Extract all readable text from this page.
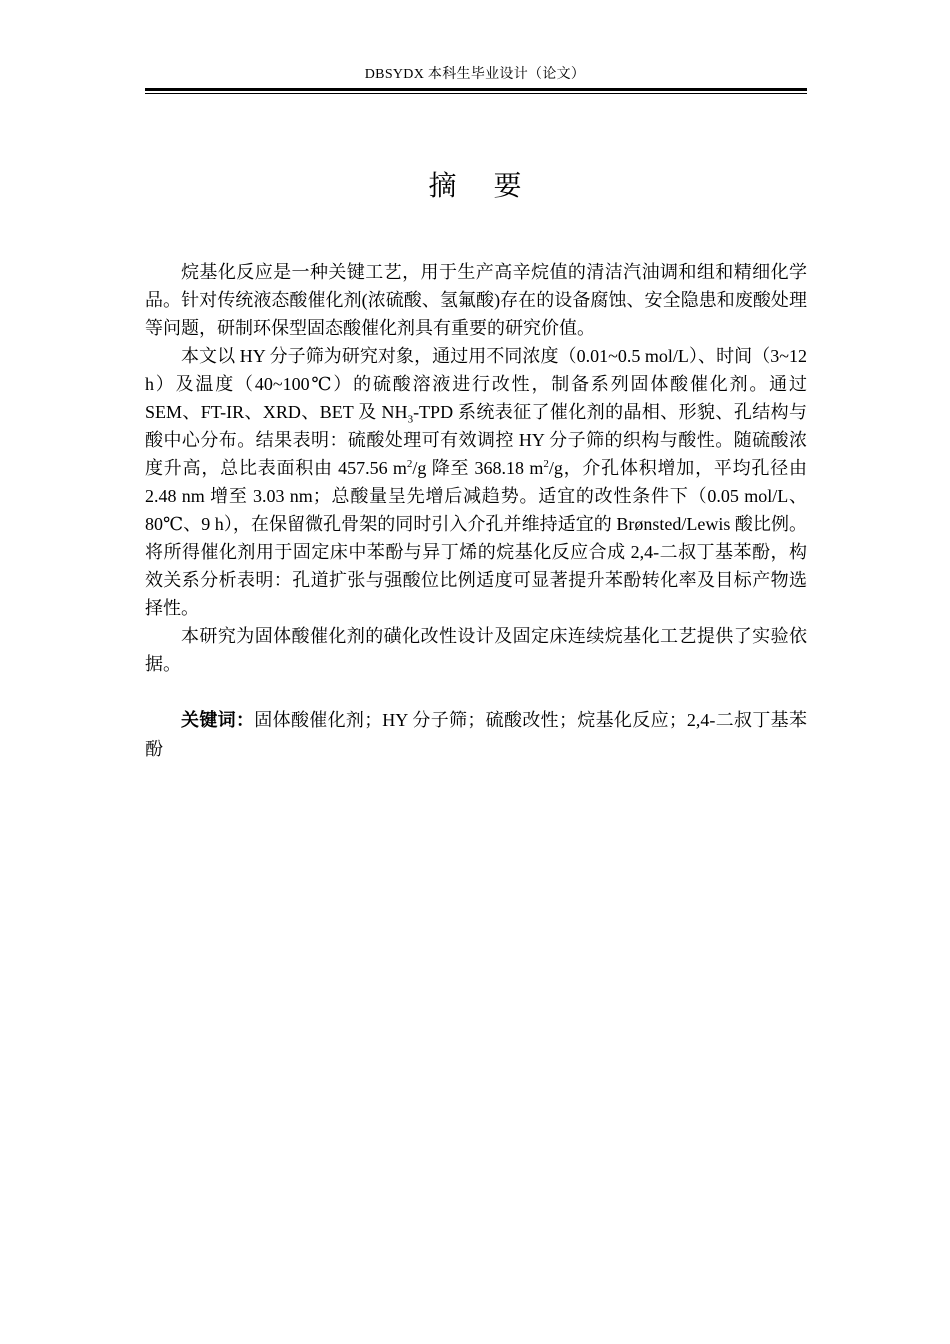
DBSYDX 本科生毕业设计（论文）
摘 要

烷基化反应是一种关键工艺，用于生产高辛烷值的清洁汽油调和组和精细化学品。针对传统液态酸催化剂(浓硫酸、氢氟酸)存在的设备腐蚀、安全隐患和废酸处理等问题，研制环保型固态酸催化剂具有重要的研究价值。

本文以 HY 分子筛为研究对象，通过用不同浓度（0.01~0.5 mol/L）、时间（3~12 h）及温度（40~100℃）的硫酸溶液进行改性，制备系列固体酸催化剂。通过 SEM、FT-IR、XRD、BET 及 $NH_3$-TPD 系统表征了催化剂的晶相、形貌、孔结构与酸中心分布。结果表明：硫酸处理可有效调控 HY 分子筛的织构与酸性。随硫酸浓度升高，总比表面积由 457.56 $m^2/g$ 降至 368.18 $m^2/g$，介孔体积增加，平均孔径由 2.48 nm 增至 3.03 nm；总酸量呈先增后减趋势。适宜的改性条件下（0.05 mol/L、80℃、9 h），在保留微孔骨架的同时引入介孔并维持适宜的 Brønsted/Lewis 酸比例。将所得催化剂用于固定床中苯酚与异丁烯的烷基化反应合成 2,4-二叔丁基苯酚，构效关系分析表明：孔道扩张与强酸位比例适度可显著提升苯酚转化率及目标产物选择性。

本研究为固体酸催化剂的磺化改性设计及固定床连续烷基化工艺提供了实验依据。

关键词：固体酸催化剂；HY 分子筛；硫酸改性；烷基化反应；2,4-二叔丁基苯酚
